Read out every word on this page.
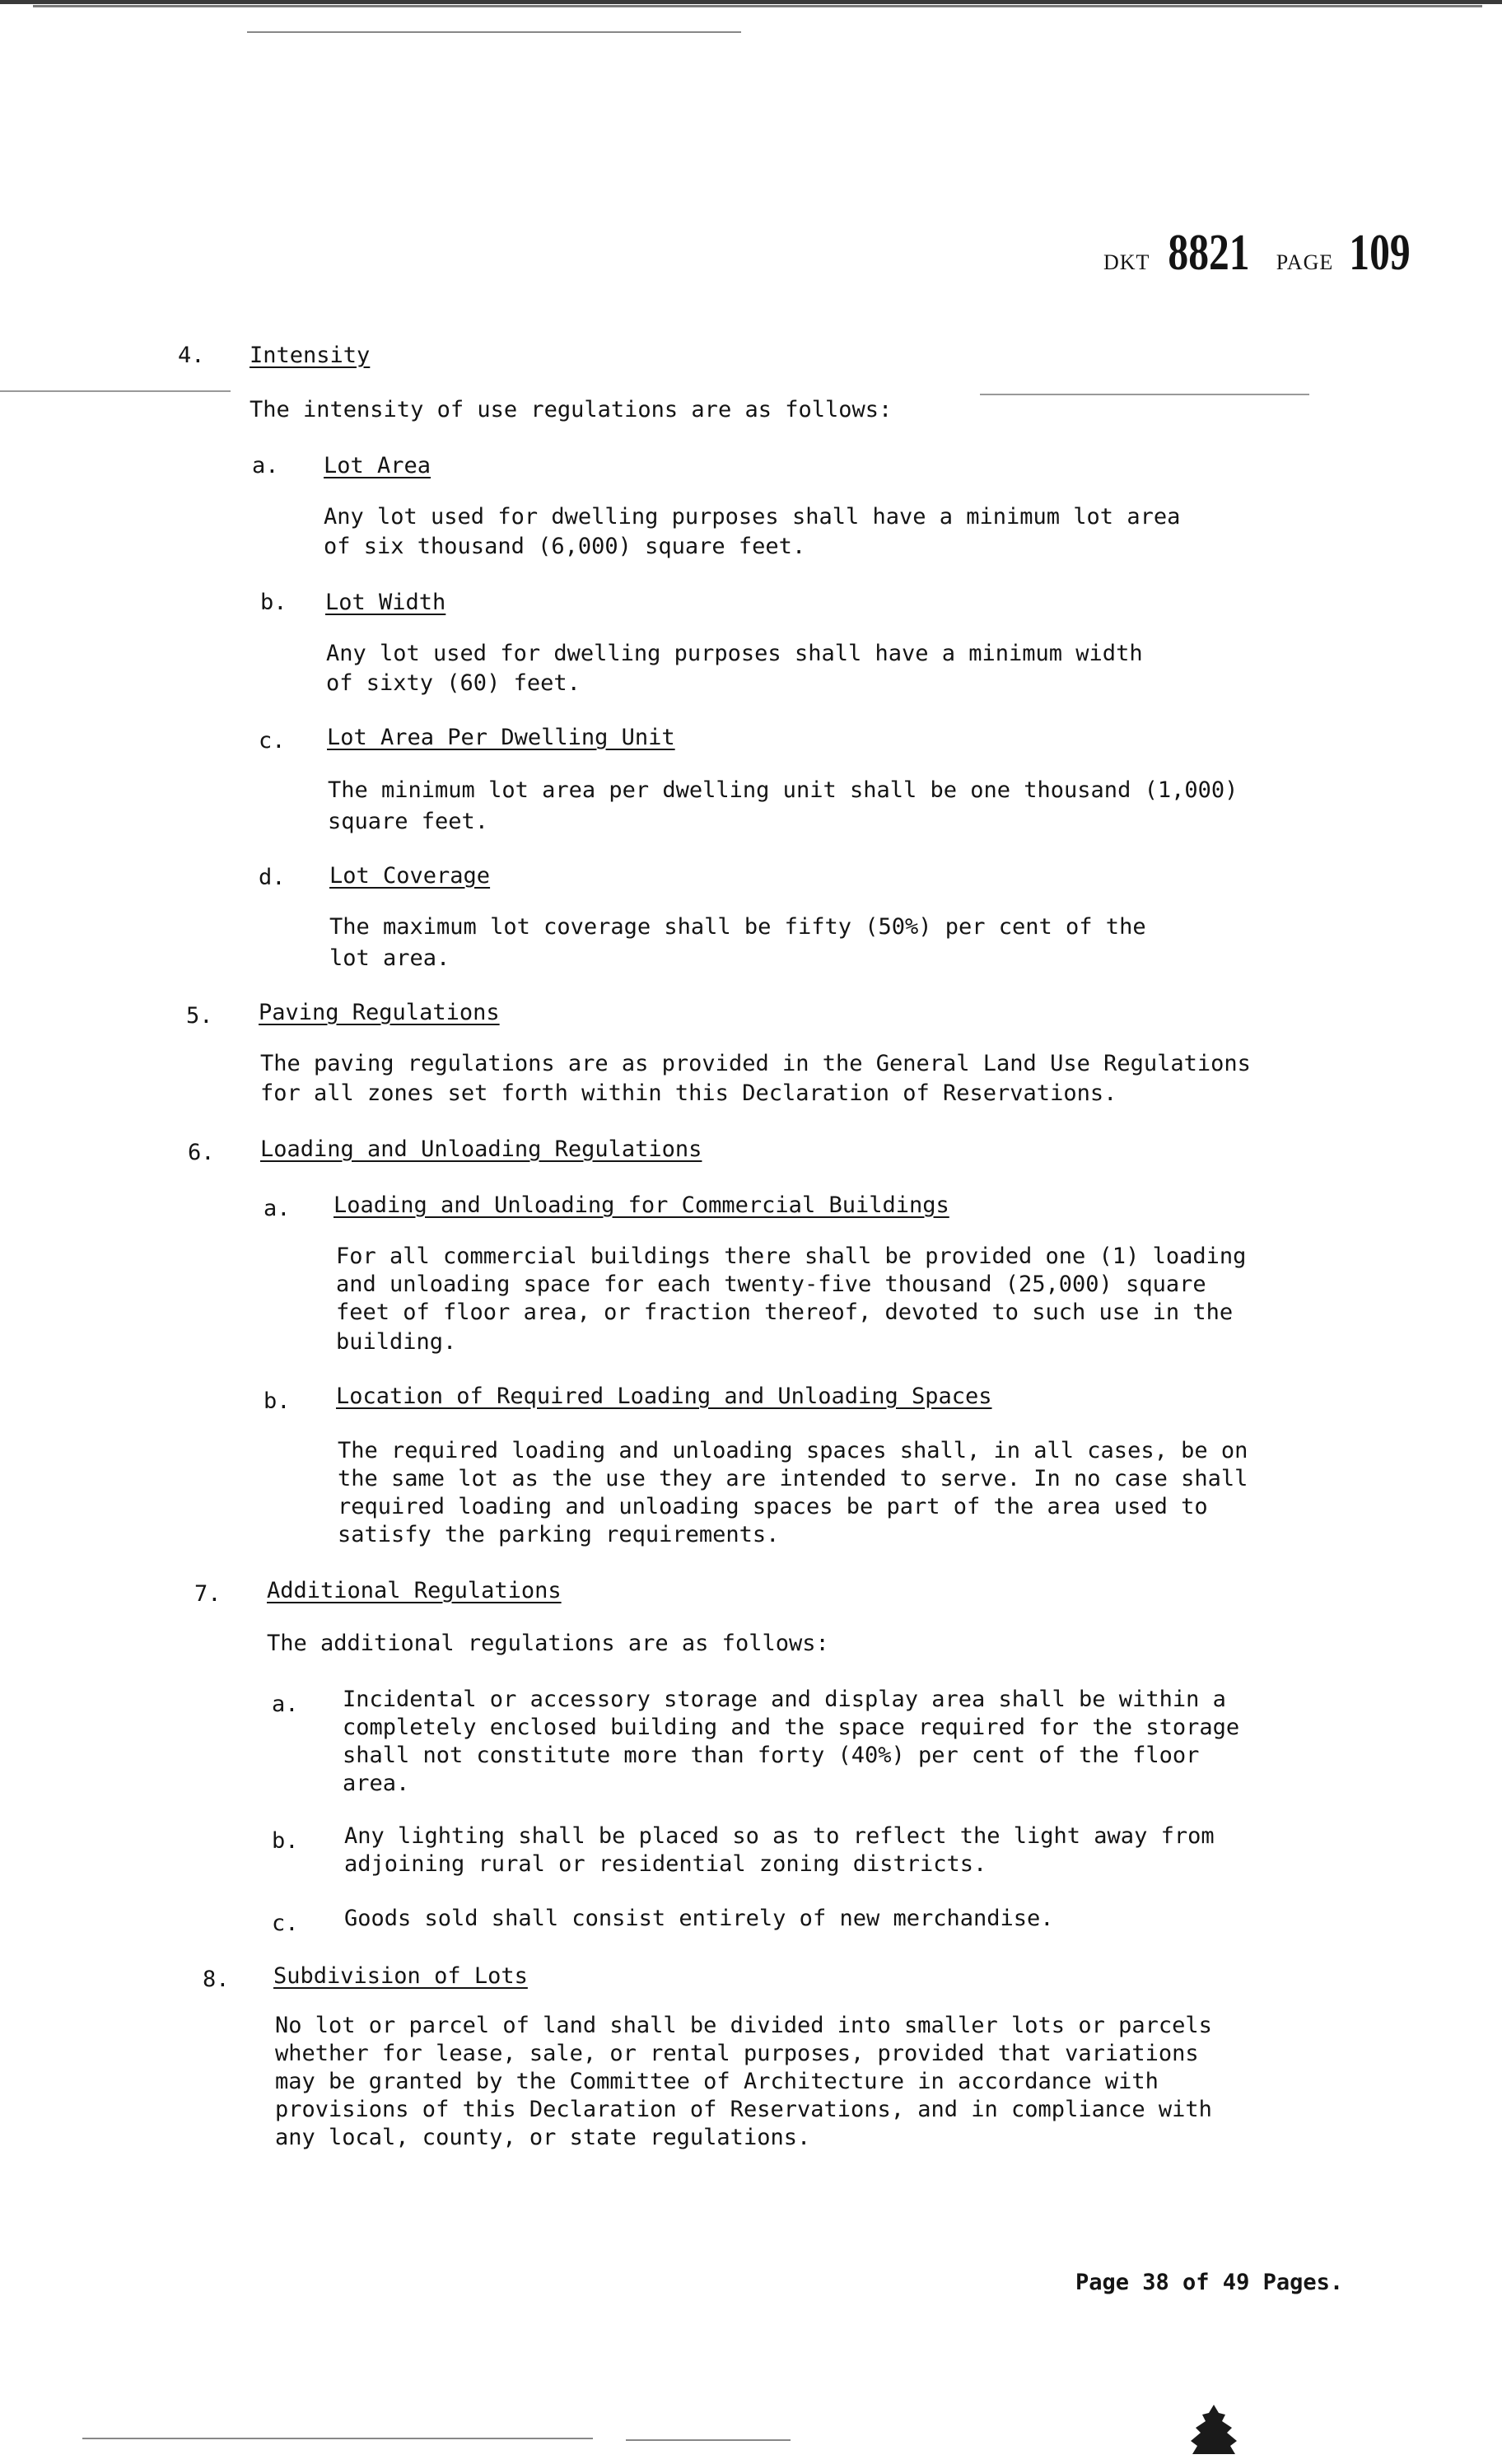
DKT 8821 PAGE 109
4. Intensity
The intensity of use regulations are as follows:
a. Lot Area
Any lot used for dwelling purposes shall have a minimum lot area
of six thousand (6,000) square feet.
b. Lot Width
Any lot used for dwelling purposes shall have a minimum width
of sixty (60) feet.
c. Lot Area Per Dwelling Unit
The minimum lot area per dwelling unit shall be one thousand (1,000)
square feet.
d. Lot Coverage
The maximum lot coverage shall be fifty (50%) per cent of the
lot area.
5. Paving Regulations
The paving regulations are as provided in the General Land Use Regulations
for all zones set forth within this Declaration of Reservations.
6. Loading and Unloading Regulations
a. Loading and Unloading for Commercial Buildings
For all commercial buildings there shall be provided one (1) loading
and unloading space for each twenty-five thousand (25,000) square
feet of floor area, or fraction thereof, devoted to such use in the
building.
b. Location of Required Loading and Unloading Spaces
The required loading and unloading spaces shall, in all cases, be on
the same lot as the use they are intended to serve. In no case shall
required loading and unloading spaces be part of the area used to
satisfy the parking requirements.
7. Additional Regulations
The additional regulations are as follows:
a. Incidental or accessory storage and display area shall be within a
completely enclosed building and the space required for the storage
shall not constitute more than forty (40%) per cent of the floor
area.
b. Any lighting shall be placed so as to reflect the light away from
adjoining rural or residential zoning districts.
c. Goods sold shall consist entirely of new merchandise.
8. Subdivision of Lots
No lot or parcel of land shall be divided into smaller lots or parcels
whether for lease, sale, or rental purposes, provided that variations
may be granted by the Committee of Architecture in accordance with
provisions of this Declaration of Reservations, and in compliance with
any local, county, or state regulations.
Page 38 of 49 Pages.
